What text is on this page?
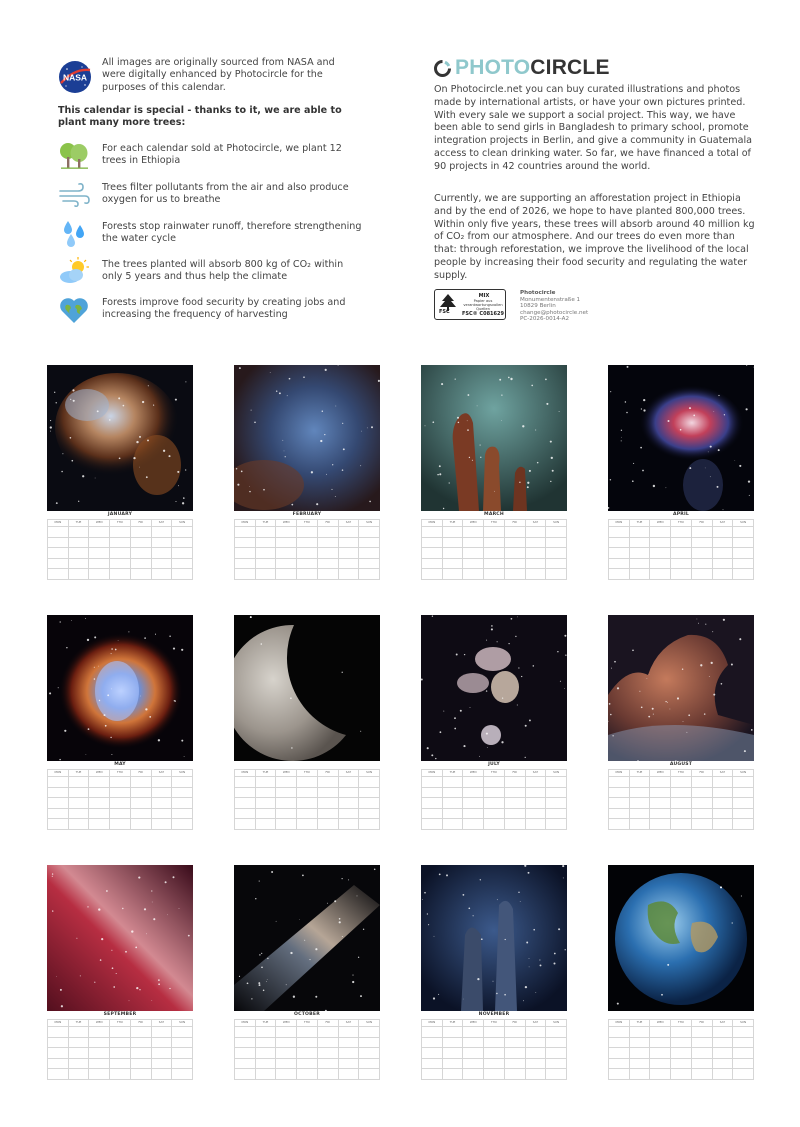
NASA
All images are originally sourced from NASA and were digitally enhanced by Photocircle for the purposes of this calendar.
This calendar is special - thanks to it, we are able to plant many more trees:
For each calendar sold at Photocircle, we plant 12 trees in Ethiopia
Trees filter pollutants from the air and also produce oxygen for us to breathe
Forests stop rainwater runoff, therefore strengthening the water cycle
The trees planted will absorb 800 kg of CO₂ within only 5 years and thus help the climate
Forests improve food security by creating jobs and increasing the frequency of harvesting
PHOTOCIRCLE
On Photocircle.net you can buy curated illustrations and photos made by international artists, or have your own pictures printed. With every sale we support a social project. This way, we have been able to send girls in Bangladesh to primary school, promote integration projects in Berlin, and give a community in Guatemala access to clean drinking water. So far, we have financed a total of 90 projects in 42 countries around the world.
Currently, we are supporting an afforestation project in Ethiopia and by the end of 2026, we hope to have planted 800,000 trees. Within only five years, these trees will absorb around 40 million kg of CO₂ from our atmosphere. And our trees do even more than that: through reforestation, we improve the livelihood of the local people by increasing their food security and regulating the water supply.
FSC
MIX
Papier aus verantwortungsvollen Quellen
FSC® C081629
Photocircle
Monumentenstraße 1
10829 Berlin
change@photocircle.net
PC-2026-0014-A2
JANUARY
MON	TUE	WED	THU	FRI	SAT	SUN

FEBRUARY
MON	TUE	WED	THU	FRI	SAT	SUN

MARCH
MON	TUE	WED	THU	FRI	SAT	SUN

APRIL
MON	TUE	WED	THU	FRI	SAT	SUN

MAY
MON	TUE	WED	THU	FRI	SAT	SUN

							MON	TUE	WED	THU	FRI	SAT	SUN

JULY
MON	TUE	WED	THU	FRI	SAT	SUN

AUGUST
MON	TUE	WED	THU	FRI	SAT	SUN

SEPTEMBER
MON	TUE	WED	THU	FRI	SAT	SUN

OCTOBER
MON	TUE	WED	THU	FRI	SAT	SUN

NOVEMBER
MON	TUE	WED	THU	FRI	SAT	SUN

							MON	TUE	WED	THU	FRI	SAT	SUN
